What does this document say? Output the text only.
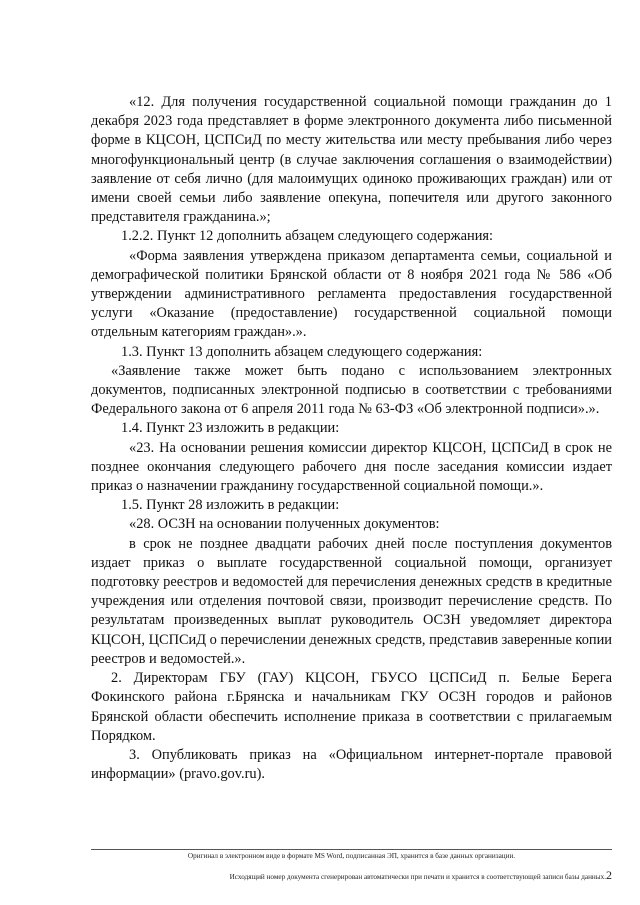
«12. Для получения государственной социальной помощи гражданин до 1 декабря 2023 года представляет в форме электронного документа либо письменной форме в КЦСОН, ЦСПСиД по месту жительства или месту пребывания либо через многофункциональный центр (в случае заключения соглашения о взаимодействии) заявление от себя лично (для малоимущих одиноко проживающих граждан) или от имени своей семьи либо заявление опекуна, попечителя или другого законного представителя гражданина.»;

1.2.2. Пункт 12 дополнить абзацем следующего содержания:

«Форма заявления утверждена приказом департамента семьи, социальной и демографической политики Брянской области от 8 ноября 2021 года № 586 «Об утверждении административного регламента предоставления государственной услуги «Оказание (предоставление) государственной социальной помощи отдельным категориям граждан».».

1.3. Пункт 13 дополнить абзацем следующего содержания:

«Заявление также может быть подано с использованием электронных документов, подписанных электронной подписью в соответствии с требованиями Федерального закона от 6 апреля 2011 года № 63-ФЗ «Об электронной подписи».».

1.4. Пункт 23 изложить в редакции:

«23. На основании решения комиссии директор КЦСОН, ЦСПСиД в срок не позднее окончания следующего рабочего дня после заседания комиссии издает приказ о назначении гражданину государственной социальной помощи.».

1.5. Пункт 28 изложить в редакции:

«28. ОСЗН на основании полученных документов:

в срок не позднее двадцати рабочих дней после поступления документов издает приказ о выплате государственной социальной помощи, организует подготовку реестров и ведомостей для перечисления денежных средств в кредитные учреждения или отделения почтовой связи, производит перечисление средств. По результатам произведенных выплат руководитель ОСЗН уведомляет директора КЦСОН, ЦСПСиД о перечислении денежных средств, представив заверенные копии реестров и ведомостей.».

2. Директорам ГБУ (ГАУ) КЦСОН, ГБУСО ЦСПСиД п. Белые Берега Фокинского района г.Брянска и начальникам ГКУ ОСЗН городов и районов Брянской области обеспечить исполнение приказа в соответствии с прилагаемым Порядком.

3. Опубликовать приказ на «Официальном интернет-портале правовой информации» (pravo.gov.ru).

Оригинал в электронном виде в формате MS Word, подписанная ЭП, хранится в базе данных организации.

Исходящий номер документа сгенерирован автоматически при печати и хранится в соответствующей записи базы данных.2
